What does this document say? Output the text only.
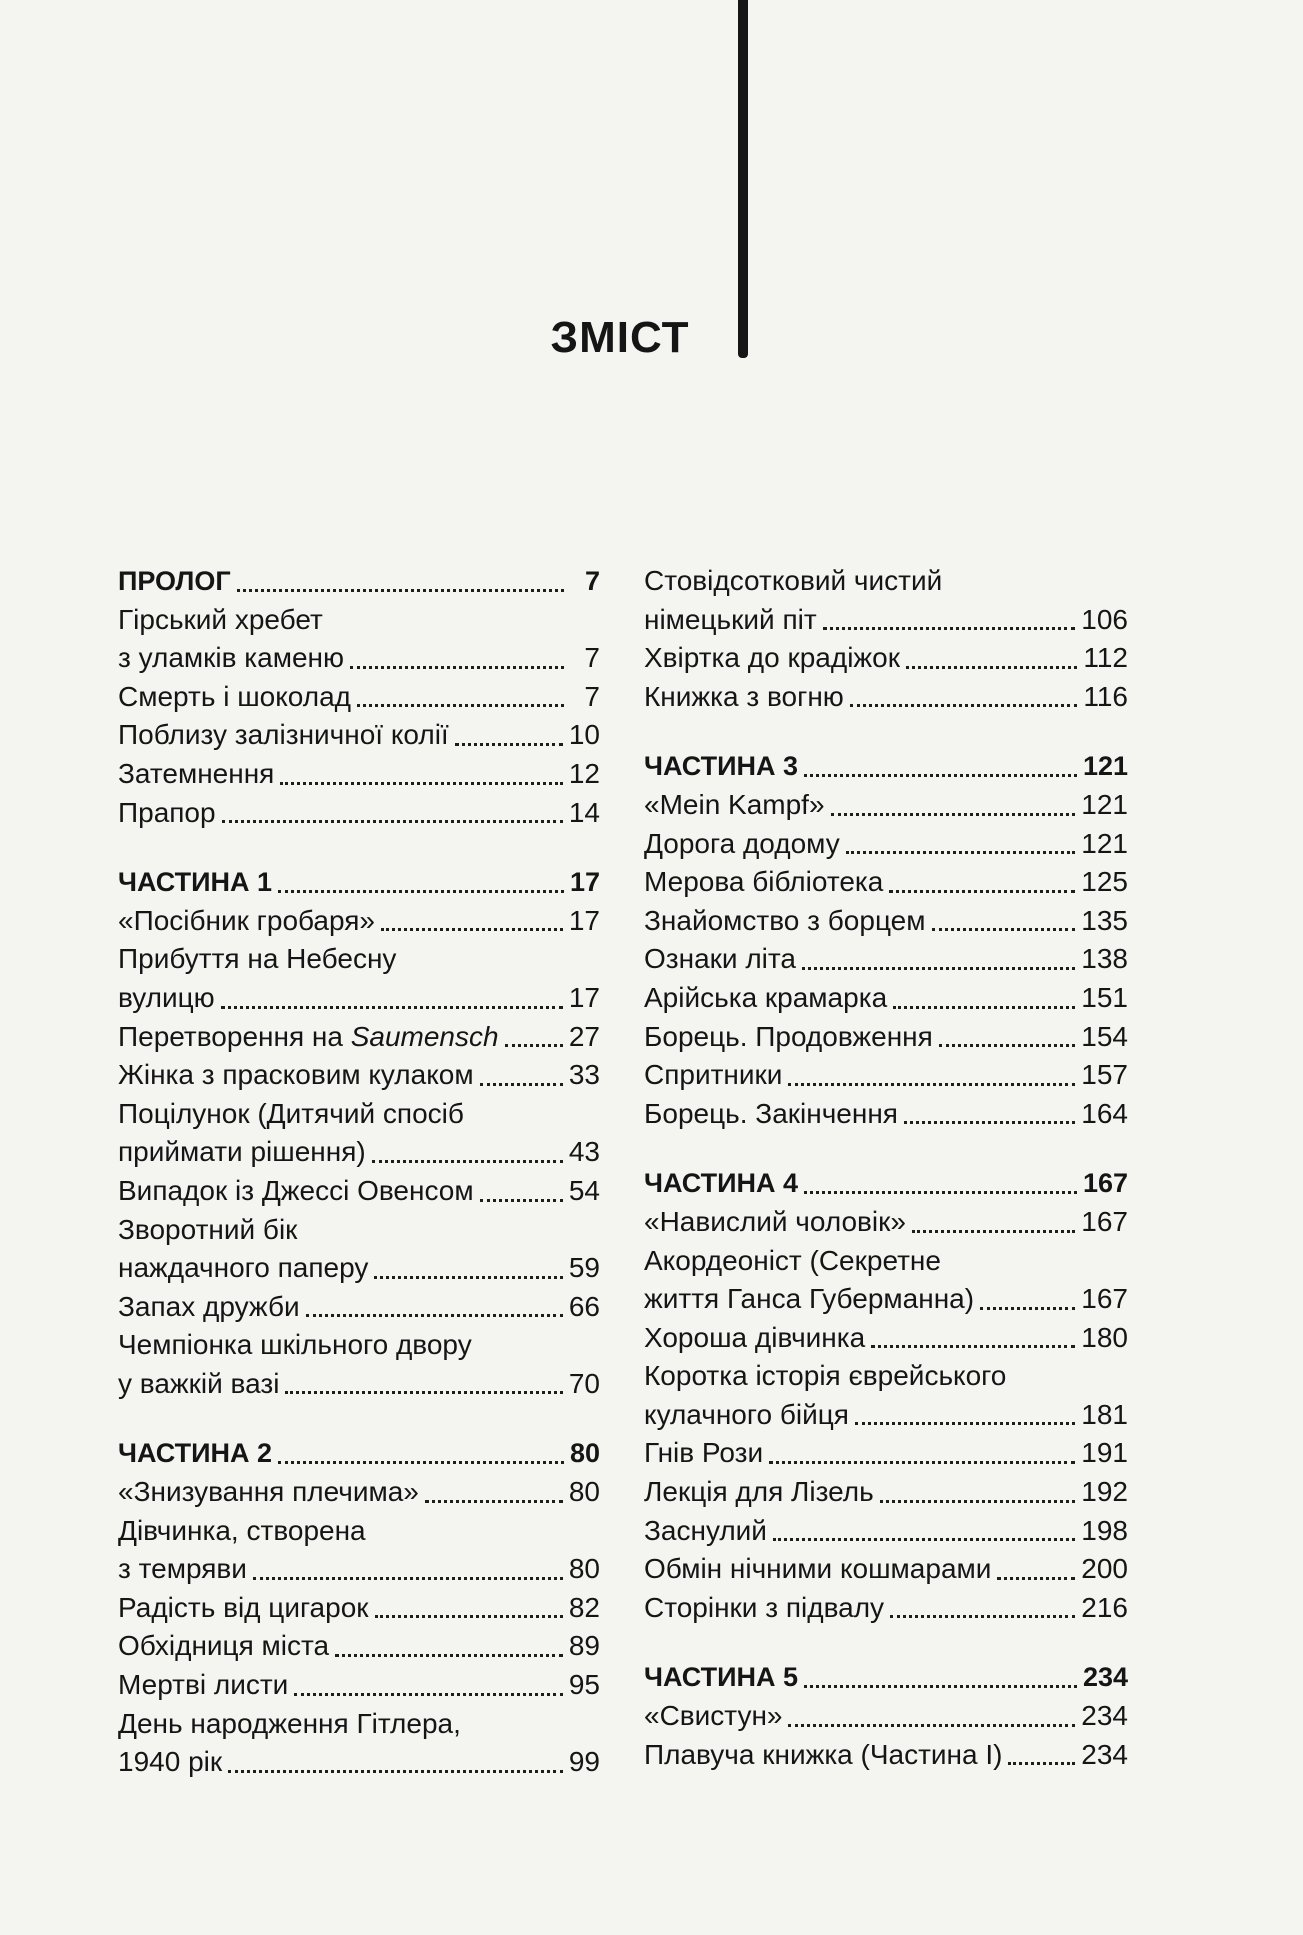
ЗМІСТ
ПРОЛОГ	7
Гірський хребет
з уламків каменю	7
Смерть і шоколад	7
Поблизу залізничної колії	10
Затемнення	12
Прапор	14
ЧАСТИНА 1	17
«Посібник гробаря»	17
Прибуття на Небесну
вулицю	17
Перетворення на Saumensch	27
Жінка з прасковим кулаком	33
Поцілунок (Дитячий спосіб
приймати рішення)	43
Випадок із Джессі Овенсом	54
Зворотний бік
наждачного паперу	59
Запах дружби	66
Чемпіонка шкільного двору
у важкій вазі	70
ЧАСТИНА 2	80
«Знизування плечима»	80
Дівчинка, створена
з темряви	80
Радість від цигарок	82
Обхідниця міста	89
Мертві листи	95
День народження Гітлера,
1940 рік	99
Стовідсотковий чистий
німецький піт	106
Хвіртка до крадіжок	112
Книжка з вогню	116
ЧАСТИНА 3	121
«Mein Kampf»	121
Дорога додому	121
Мерова бібліотека	125
Знайомство з борцем	135
Ознаки літа	138
Арійська крамарка	151
Борець. Продовження	154
Спритники	157
Борець. Закінчення	164
ЧАСТИНА 4	167
«Навислий чоловік»	167
Акордеоніст (Секретне
життя Ганса Губерманна)	167
Хороша дівчинка	180
Коротка історія єврейського
кулачного бійця	181
Гнів Рози	191
Лекція для Лізель	192
Заснулий	198
Обмін нічними кошмарами	200
Сторінки з підвалу	216
ЧАСТИНА 5	234
«Свистун»	234
Плавуча книжка (Частина I)	234
